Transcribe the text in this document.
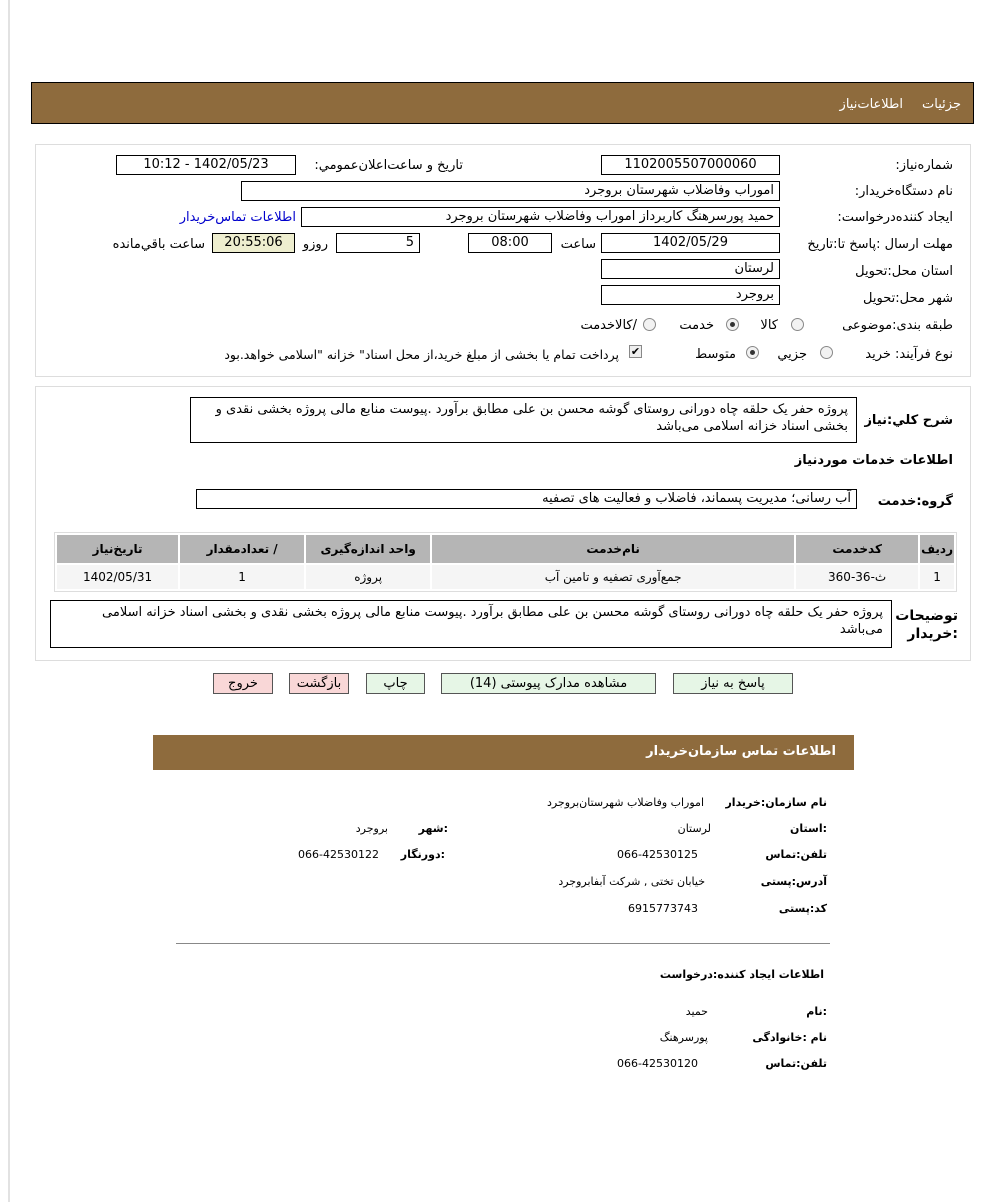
جزئیات
اطلاعات‌نیاز
شماره‌نیاز:
1102005507000060
تاریخ و ساعت‌اعلان‌عمومي:
1402/05/23 - 10:12
نام دستگاه‌خريدار:
اموراب وفاضلاب شهرستان بروجرد
ايجاد کننده‌درخواست:
حمید پورسرهنگ کاربرداز اموراب وفاضلاب شهرستان بروجرد
اطلاعات تماس‌خريدار
مهلت ارسال :پاسخ تا:تاريخ
1402/05/29
ساعت
08:00
5
روزو
20:55:06
ساعت باقي‌مانده
استان محل:تحويل
لرستان
شهر محل:تحويل
بروجرد
طبقه بندی:موضوعی
کالا
خدمت
/کالاخدمت
نوع فرآيند: خريد
جزيي
متوسط
✔
پرداخت تمام يا بخشی از مبلغ خريد،از محل اسناد" خزانه "اسلامی خواهد.بود
شرح کلي:نياز
پروژه حفر یک حلقه چاه دورانی روستای گوشه محسن بن علی مطابق برآورد .پیوست منابع مالی پروژه بخشی نقدی و بخشی اسناد خزانه اسلامی می‌باشد
اطلاعات خدمات موردنياز
گروه:خدمت
آب رسانی؛ مدیریت پسماند، فاضلاب و فعالیت های تصفیه
رديف	کدخدمت	نام‌خدمت	واحد اندازه‌گيری	/ تعدادمقدار	تاريخ‌نياز
1	ث-36-360	جمع‌آوری تصفیه و تامین آب	پروژه	1	1402/05/31
توضيحات
:خريدار
پروژه حفر یک حلقه چاه دورانی روستای گوشه محسن بن علی مطابق برآورد .پیوست منابع مالی پروژه بخشی نقدی و بخشی اسناد خزانه اسلامی می‌باشد
پاسخ به نياز
مشاهده مدارک پيوستی (14)
چاپ
بازگشت
خروج
اطلاعات تماس سازمان‌خريدار
نام سازمان:خريدار
اموراب وفاضلاب شهرستان‌بروجرد
:استان
لرستان
:شهر
بروجرد
تلفن:تماس
066-42530125
:دورنگار
066-42530122
آدرس:پستی
خیابان تختی , شرکت آبفابروجرد
کد:پستی
6915773743
اطلاعات ايجاد کننده:درخواست
:نام
حمید
نام :خانوادگی
پورسرهنگ
تلفن:تماس
066-42530120
